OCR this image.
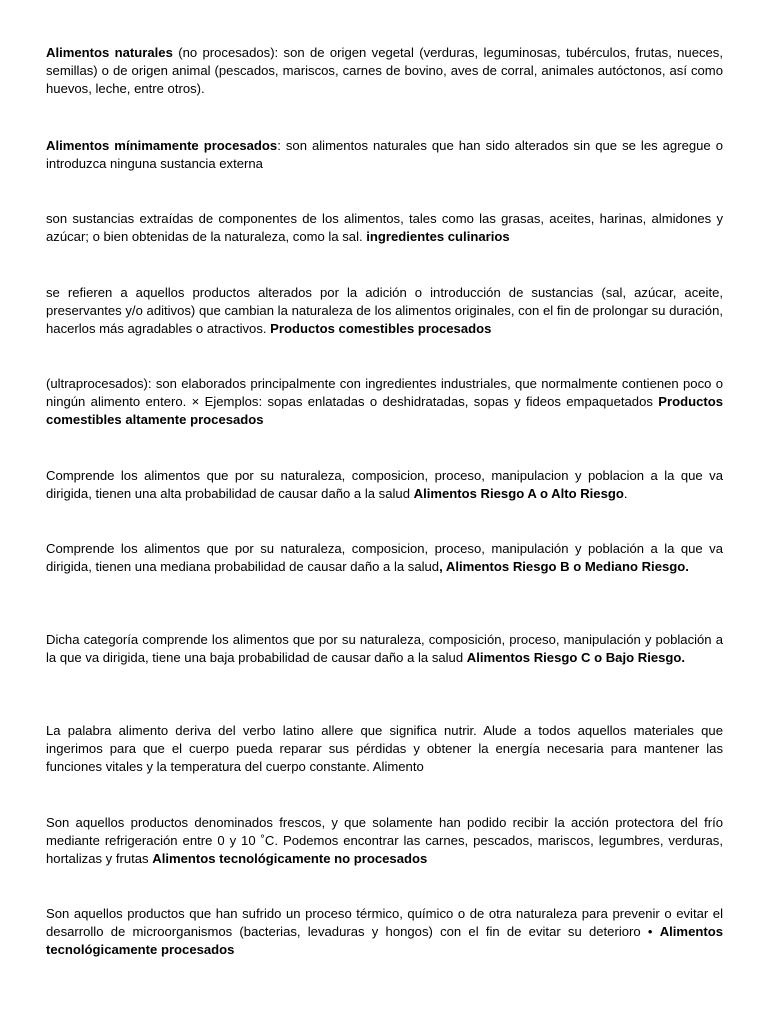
Alimentos naturales (no procesados): son de origen vegetal (verduras, leguminosas, tubérculos, frutas, nueces, semillas) o de origen animal (pescados, mariscos, carnes de bovino, aves de corral, animales autóctonos, así como huevos, leche, entre otros).

Alimentos mínimamente procesados: son alimentos naturales que han sido alterados sin que se les agregue o introduzca ninguna sustancia externa

son sustancias extraídas de componentes de los alimentos, tales como las grasas, aceites, harinas, almidones y azúcar; o bien obtenidas de la naturaleza, como la sal. ingredientes culinarios

se refieren a aquellos productos alterados por la adición o introducción de sustancias (sal, azúcar, aceite, preservantes y/o aditivos) que cambian la naturaleza de los alimentos originales, con el fin de prolongar su duración, hacerlos más agradables o atractivos. Productos comestibles procesados

(ultraprocesados): son elaborados principalmente con ingredientes industriales, que normalmente contienen poco o ningún alimento entero. × Ejemplos: sopas enlatadas o deshidratadas, sopas y fideos empaquetados Productos comestibles altamente procesados

Comprende los alimentos que por su naturaleza, composicion, proceso, manipulacion y poblacion a la que va dirigida, tienen una alta probabilidad de causar daño a la salud Alimentos Riesgo A o Alto Riesgo.

Comprende los alimentos que por su naturaleza, composicion, proceso, manipulación y población a la que va dirigida, tienen una mediana probabilidad de causar daño a la salud, Alimentos Riesgo B o Mediano Riesgo.

Dicha categoría comprende los alimentos que por su naturaleza, composición, proceso, manipulación y población a la que va dirigida, tiene una baja probabilidad de causar daño a la salud Alimentos Riesgo C o Bajo Riesgo.

La palabra alimento deriva del verbo latino allere que significa nutrir. Alude a todos aquellos materiales que ingerimos para que el cuerpo pueda reparar sus pérdidas y obtener la energía necesaria para mantener las funciones vitales y la temperatura del cuerpo constante. Alimento

Son aquellos productos denominados frescos, y que solamente han podido recibir la acción protectora del frío mediante refrigeración entre 0 y 10 ˚C. Podemos encontrar las carnes, pescados, mariscos, legumbres, verduras, hortalizas y frutas Alimentos tecnológicamente no procesados

Son aquellos productos que han sufrido un proceso térmico, químico o de otra naturaleza para prevenir o evitar el desarrollo de microorganismos (bacterias, levaduras y hongos) con el fin de evitar su deterioro • Alimentos tecnológicamente procesados
